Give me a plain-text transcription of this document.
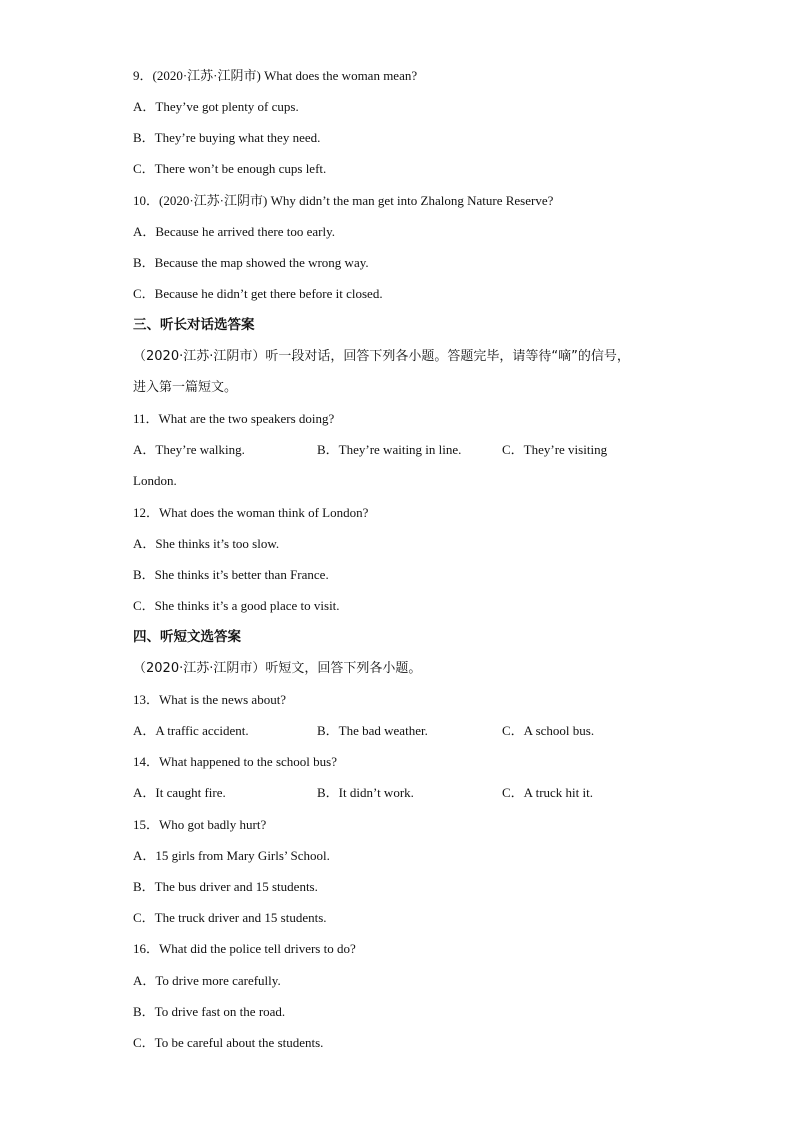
9．(2020·江苏·江阴市) What does the woman mean?
A．They’ve got plenty of cups.
B．They’re buying what they need.
C．There won’t be enough cups left.
10．(2020·江苏·江阴市) Why didn’t the man get into Zhalong Nature Reserve?
A．Because he arrived there too early.
B．Because the map showed the wrong way.
C．Because he didn’t get there before it closed.
三、听长对话选答案
（2020·江苏·江阴市）听一段对话，回答下列各小题。答题完毕，请等待“嘀”的信号，
进入第一篇短文。
11．What are the two speakers doing?
A．They’re walking.	B．They’re waiting in line.	C．They’re visiting
London.
12．What does the woman think of London?
A．She thinks it’s too slow.
B．She thinks it’s better than France.
C．She thinks it’s a good place to visit.
四、听短文选答案
（2020·江苏·江阴市）听短文，回答下列各小题。
13．What is the news about?
A．A traffic accident.	B．The bad weather.	C．A school bus.
14．What happened to the school bus?
A．It caught fire.	B．It didn’t work.	C．A truck hit it.
15．Who got badly hurt?
A．15 girls from Mary Girls’ School.
B．The bus driver and 15 students.
C．The truck driver and 15 students.
16．What did the police tell drivers to do?
A．To drive more carefully.
B．To drive fast on the road.
C．To be careful about the students.
